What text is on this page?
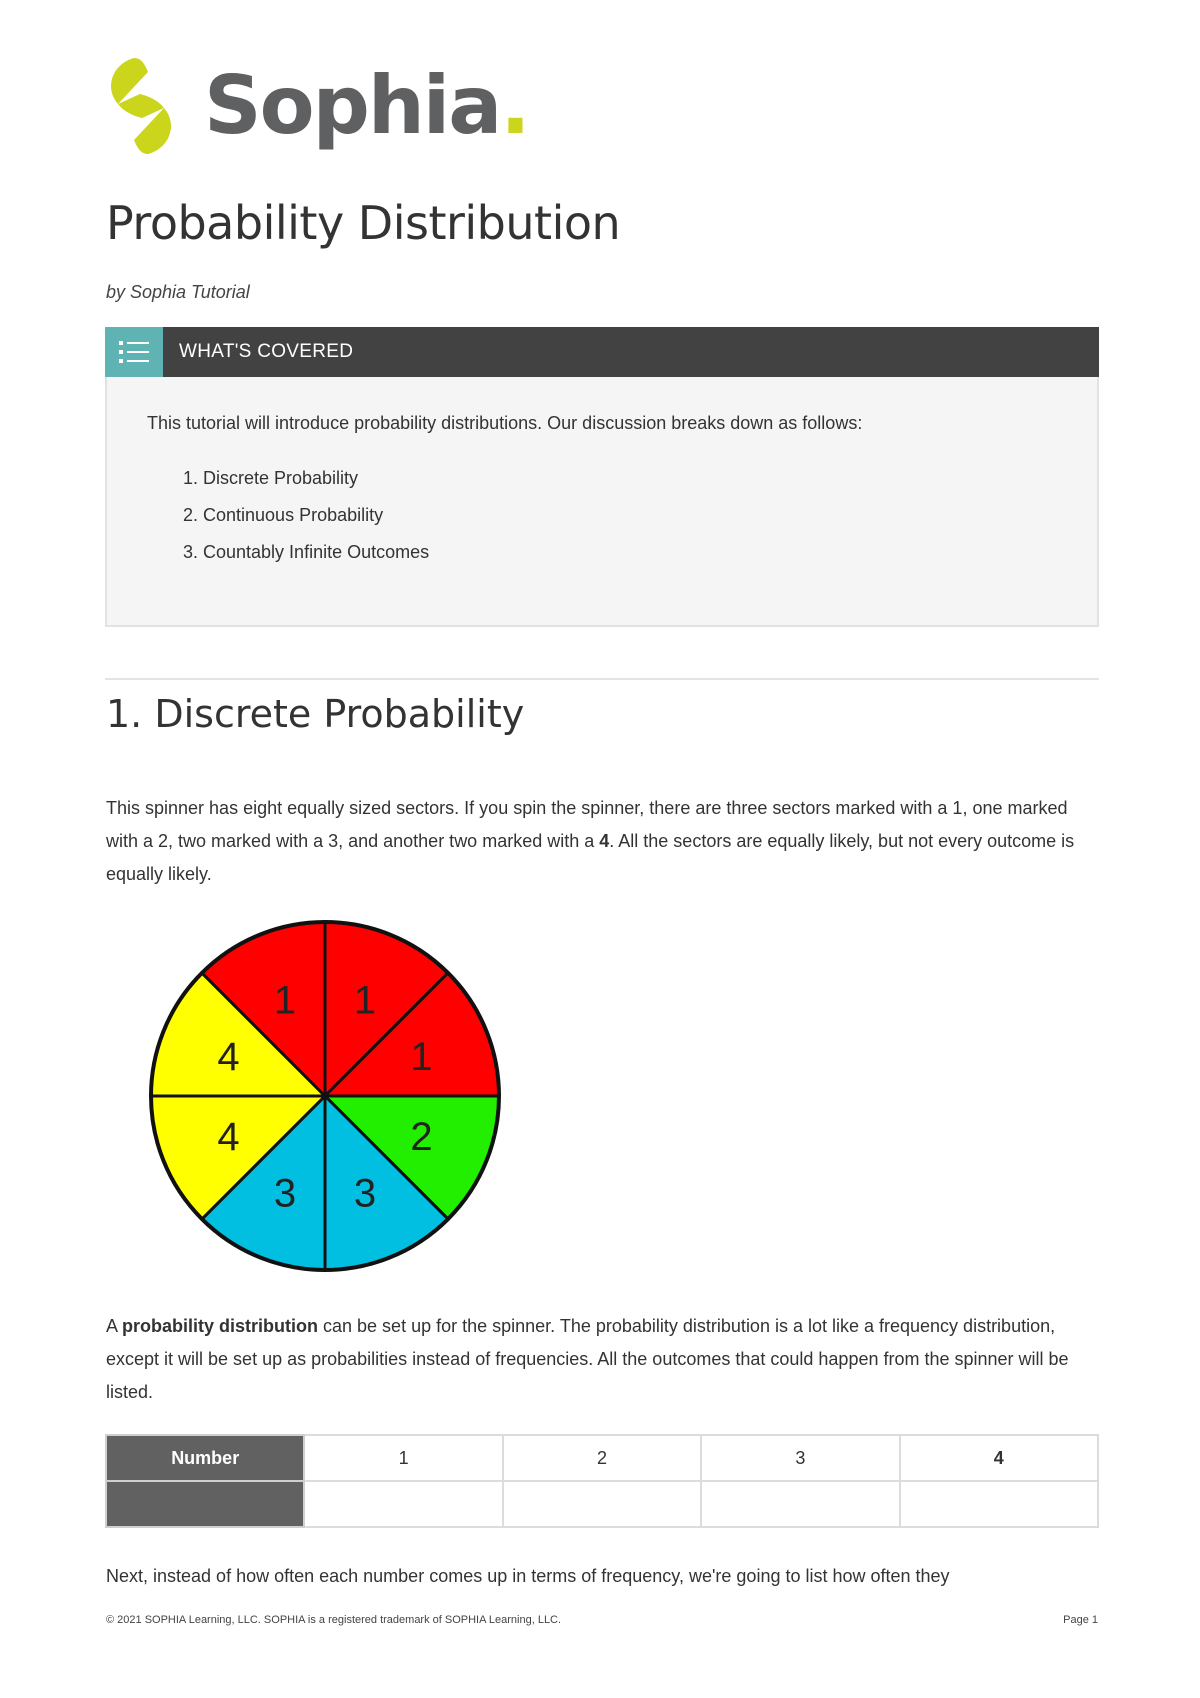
Sophia.
Probability Distribution
by Sophia Tutorial
WHAT'S COVERED

This tutorial will introduce probability distributions. Our discussion breaks down as follows:

1. Discrete Probability
2. Continuous Probability
3. Countably Infinite Outcomes
1. Discrete Probability

This spinner has eight equally sized sectors. If you spin the spinner, there are three sectors marked with a 1, one marked with a 2, two marked with a 3, and another two marked with a 4. All the sectors are equally likely, but not every outcome is equally likely.

1
1
2
3
3
4
4
1

A probability distribution can be set up for the spinner. The probability distribution is a lot like a frequency distribution, except it will be set up as probabilities instead of frequencies. All the outcomes that could happen from the spinner will be listed.

Number	1	2	3	4

Next, instead of how often each number comes up in terms of frequency, we're going to list how often they

© 2021 SOPHIA Learning, LLC. SOPHIA is a registered trademark of SOPHIA Learning, LLC.	Page 1
